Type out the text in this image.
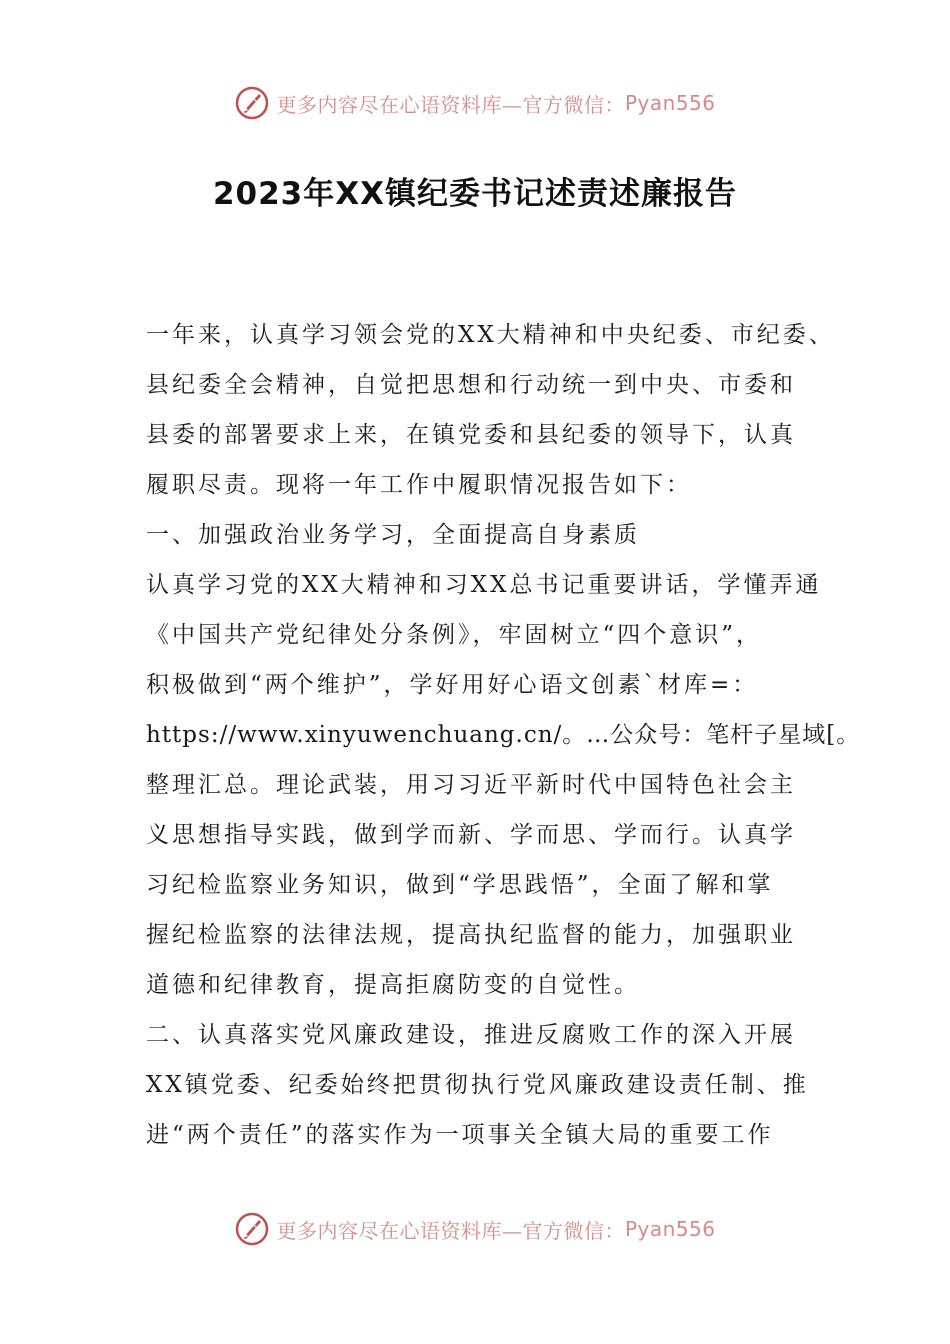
更多内容尽在心语资料库—官方微信： Pyan556
2023年XX镇纪委书记述责述廉报告
一年来，认真学习领会党的XX大精神和中央纪委、市纪委、
县纪委全会精神，自觉把思想和行动统一到中央、市委和
县委的部署要求上来，在镇党委和县纪委的领导下，认真
履职尽责。现将一年工作中履职情况报告如下：
一、加强政治业务学习，全面提高自身素质
认真学习党的XX大精神和习XX总书记重要讲话，学懂弄通
《中国共产党纪律处分条例》，牢固树立“四个意识”，
积极做到“两个维护”，学好用好心语文创素`材库=：
https://www.xinyuwenchuang.cn/。…公众号：笔杆子星域[。
整理汇总。理论武装，用习习近平新时代中国特色社会主
义思想指导实践，做到学而新、学而思、学而行。认真学
习纪检监察业务知识，做到“学思践悟”，全面了解和掌
握纪检监察的法律法规，提高执纪监督的能力，加强职业
道德和纪律教育，提高拒腐防变的自觉性。
二、认真落实党风廉政建设，推进反腐败工作的深入开展
XX镇党委、纪委始终把贯彻执行党风廉政建设责任制、推
进“两个责任”的落实作为一项事关全镇大局的重要工作
更多内容尽在心语资料库—官方微信： Pyan556
